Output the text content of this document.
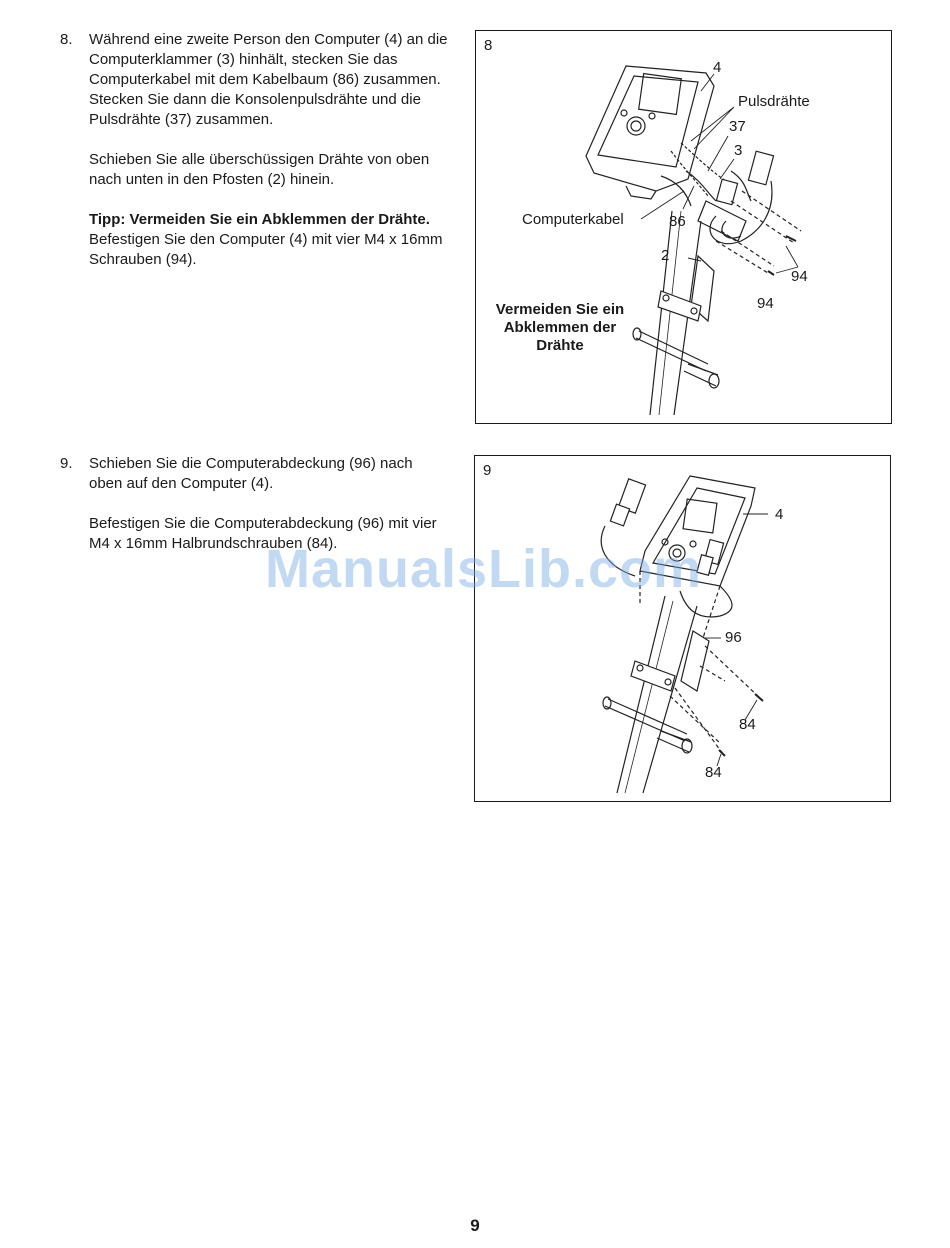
8. Während eine zweite Person den Computer (4) an die Computerklammer (3) hinhält, stecken Sie das Computerkabel mit dem Kabelbaum (86) zusammen. Stecken Sie dann die Konsolenpulsdrähte und die Pulsdrähte (37) zusammen.

Schieben Sie alle überschüssigen Drähte von oben nach unten in den Pfosten (2) hinein.

Tipp: Vermeiden Sie ein Abklemmen der Drähte. Befestigen Sie den Computer (4) mit vier M4 x 16mm Schrauben (94).

8
4
Pulsdrähte
37
3
Computerkabel	86
2
94
94
Vermeiden Sie ein Abklemmen der Drähte
9. Schieben Sie die Computerabdeckung (96) nach oben auf den Computer (4).

Befestigen Sie die Computerabdeckung (96) mit vier M4 x 16mm Halbrundschrauben (84).

9
4
96
84
84
ManualsLib.com
9
